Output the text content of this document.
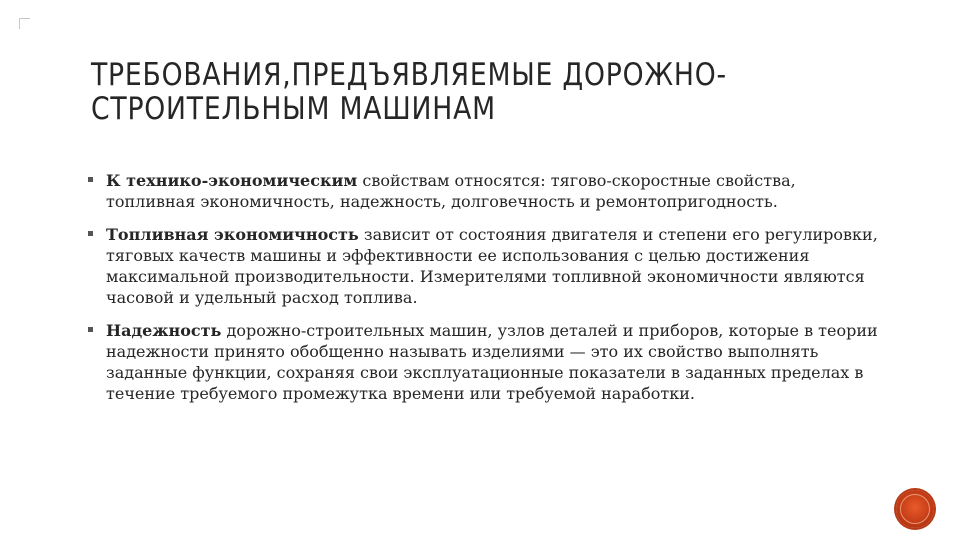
ТРЕБОВАНИЯ,ПРЕДЪЯВЛЯЕМЫЕ ДОРОЖНО-
СТРОИТЕЛЬНЫМ МАШИНАМ
К технико-экономическим свойствам относятся: тягово-скоростные свойства, топливная экономичность, надежность, долговечность и ремонтопригодность.
Топливная экономичность зависит от состояния двигателя и степени его регулировки, тяговых качеств машины и эффективности ее использования с целью достижения максимальной производительности. Измерителями топливной экономичности являются часовой и удельный расход топлива.
Надежность дорожно-строительных машин, узлов деталей и приборов, которые в теории надежности принято обобщенно называть изделиями — это их свойство выполнять заданные функции, сохраняя свои эксплуатационные показатели в заданных пределах в течение требуемого промежутка времени или требуемой наработки.
